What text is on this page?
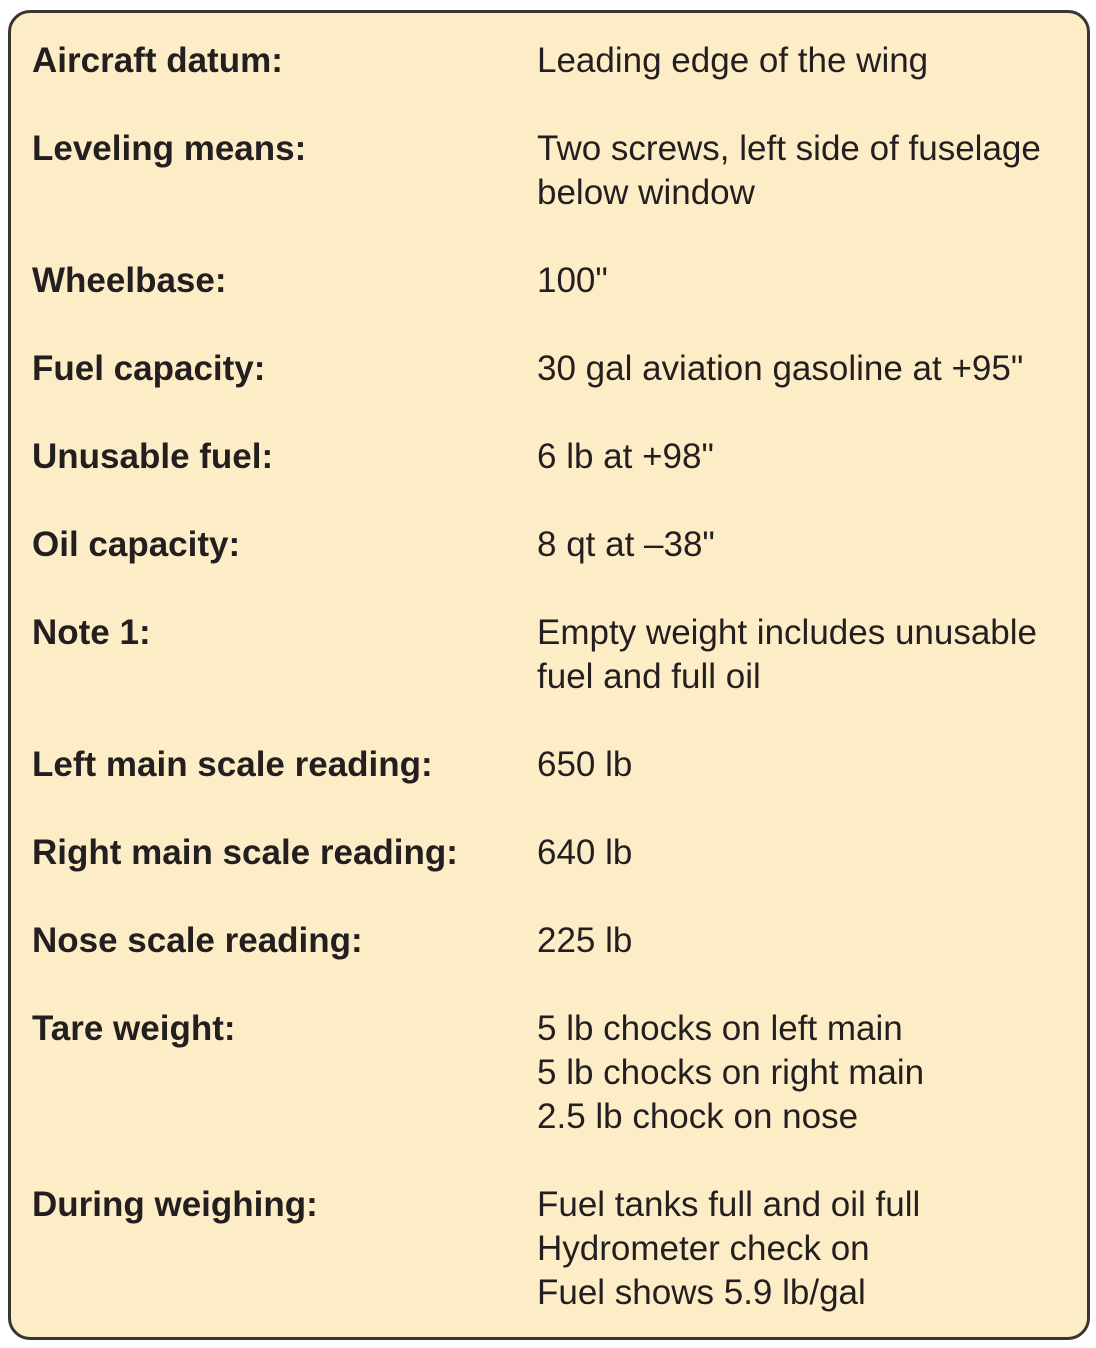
Aircraft datum:	Leading edge of the wing
Leveling means:	Two screws, left side of fuselage
below window
Wheelbase:	100"
Fuel capacity:	30 gal aviation gasoline at +95"
Unusable fuel:	6 lb at +98"
Oil capacity:	8 qt at –38"
Note 1:	Empty weight includes unusable
fuel and full oil
Left main scale reading:	650 lb
Right main scale reading: 640 lb
Nose scale reading:	225 lb
Tare weight:	5 lb chocks on left main
5 lb chocks on right main
2.5 lb chock on nose
During weighing:	Fuel tanks full and oil full
Hydrometer check on
Fuel shows 5.9 lb/gal
